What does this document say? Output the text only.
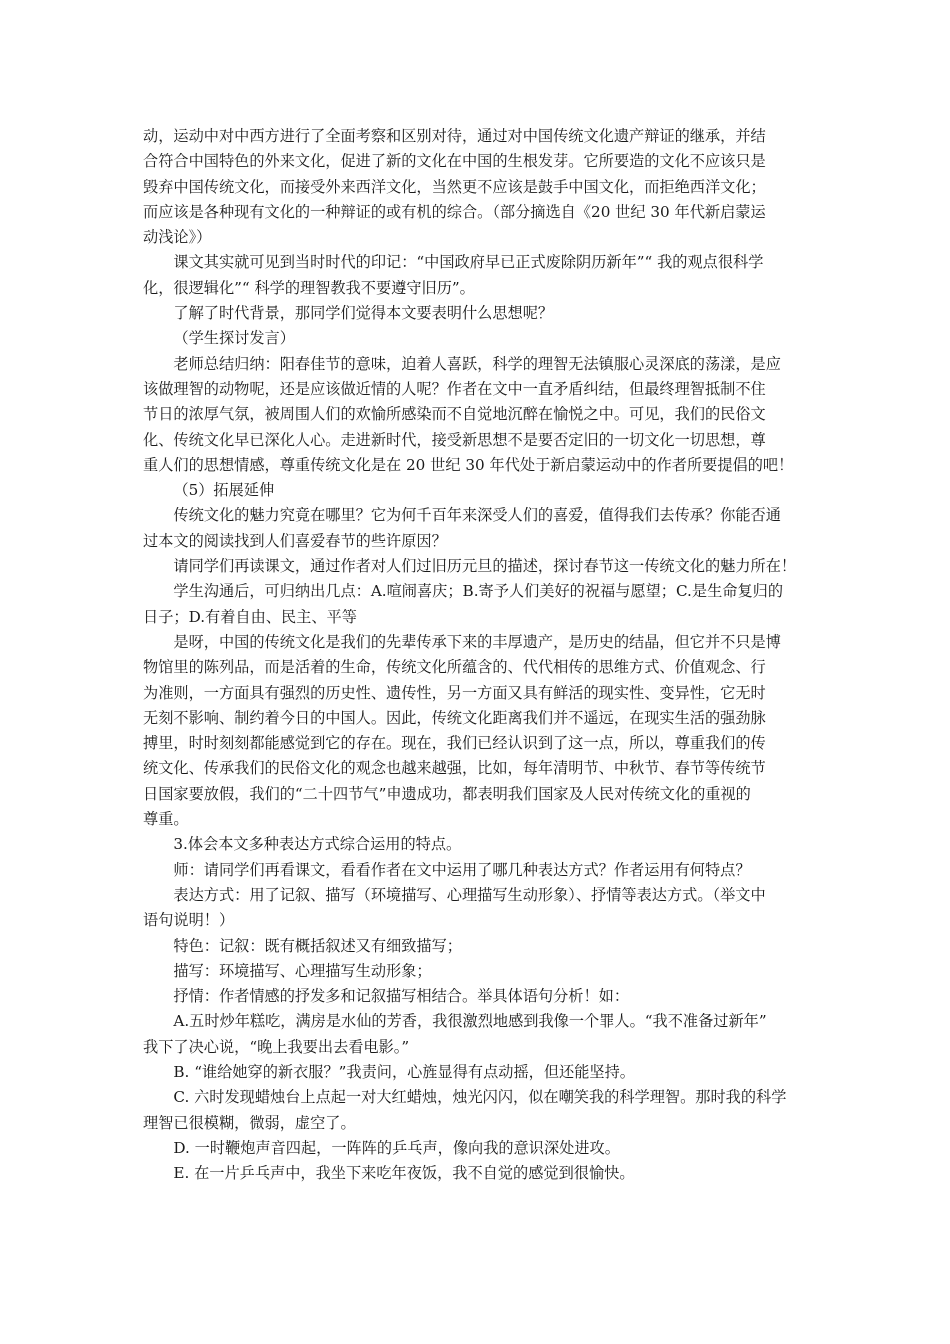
动，运动中对中西方进行了全面考察和区别对待，通过对中国传统文化遗产辩证的继承，并结
合符合中国特色的外来文化，促进了新的文化在中国的生根发芽。它所要造的文化不应该只是
毁弃中国传统文化，而接受外来西洋文化，当然更不应该是鼓手中国文化，而拒绝西洋文化；
而应该是各种现有文化的一种辩证的或有机的综合。（部分摘选自《20 世纪 30 年代新启蒙运
动浅论》）
课文其实就可见到当时时代的印记：“中国政府早已正式废除阴历新年”“ 我的观点很科学
化，很逻辑化”“ 科学的理智教我不要遵守旧历”。
了解了时代背景，那同学们觉得本文要表明什么思想呢？
（学生探讨发言）
老师总结归纳：阳春佳节的意味，迫着人喜跃，科学的理智无法镇服心灵深底的荡漾，是应
该做理智的动物呢，还是应该做近情的人呢？作者在文中一直矛盾纠结，但最终理智抵制不住
节日的浓厚气氛，被周围人们的欢愉所感染而不自觉地沉醉在愉悦之中。可见，我们的民俗文
化、传统文化早已深化人心。走进新时代，接受新思想不是要否定旧的一切文化一切思想，尊
重人们的思想情感，尊重传统文化是在 20 世纪 30 年代处于新启蒙运动中的作者所要提倡的吧！
（5）拓展延伸
传统文化的魅力究竟在哪里？它为何千百年来深受人们的喜爱，值得我们去传承？你能否通
过本文的阅读找到人们喜爱春节的些许原因？
请同学们再读课文，通过作者对人们过旧历元旦的描述，探讨春节这一传统文化的魅力所在！
学生沟通后，可归纳出几点：A.喧闹喜庆；B.寄予人们美好的祝福与愿望；C.是生命复归的
日子；D.有着自由、民主、平等
是呀，中国的传统文化是我们的先辈传承下来的丰厚遗产，是历史的结晶，但它并不只是博
物馆里的陈列品，而是活着的生命，传统文化所蕴含的、代代相传的思维方式、价值观念、行
为准则，一方面具有强烈的历史性、遗传性，另一方面又具有鲜活的现实性、变异性，它无时
无刻不影响、制约着今日的中国人。因此，传统文化距离我们并不遥远，在现实生活的强劲脉
搏里，时时刻刻都能感觉到它的存在。现在，我们已经认识到了这一点，所以，尊重我们的传
统文化、传承我们的民俗文化的观念也越来越强，比如，每年清明节、中秋节、春节等传统节
日国家要放假，我们的“二十四节气”申遗成功，都表明我们国家及人民对传统文化的重视的
尊重。
3.体会本文多种表达方式综合运用的特点。
师：请同学们再看课文，看看作者在文中运用了哪几种表达方式？作者运用有何特点？
表达方式：用了记叙、描写（环境描写、心理描写生动形象）、抒情等表达方式。（举文中
语句说明！）
特色：记叙：既有概括叙述又有细致描写；
描写：环境描写、心理描写生动形象；
抒情：作者情感的抒发多和记叙描写相结合。举具体语句分析！如：
A.五时炒年糕吃，满房是水仙的芳香，我很激烈地感到我像一个罪人。“我不准备过新年”
我下了决心说，“晚上我要出去看电影。”
B. “谁给她穿的新衣服？”我责问，心旌显得有点动摇，但还能坚持。
C. 六时发现蜡烛台上点起一对大红蜡烛，烛光闪闪，似在嘲笑我的科学理智。那时我的科学
理智已很模糊，微弱，虚空了。
D. 一时鞭炮声音四起，一阵阵的乒乓声，像向我的意识深处进攻。
E. 在一片乒乓声中，我坐下来吃年夜饭，我不自觉的感觉到很愉快。
